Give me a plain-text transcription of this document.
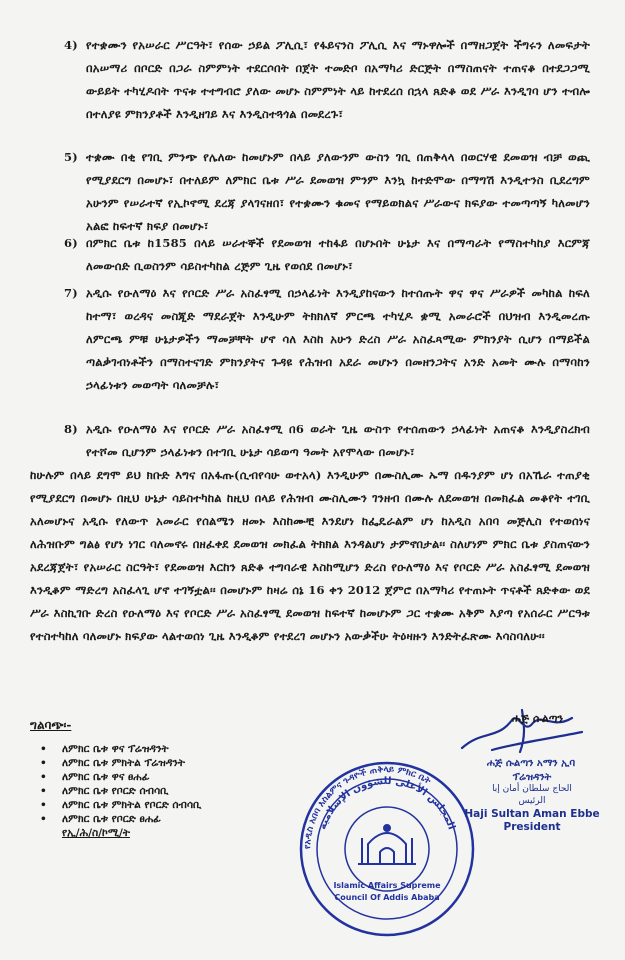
4) የተቋሙን የአሠራር ሥርዓት፣ የሰው ኃይል ፖሊሲ፣ የፋይናንስ ፖሊሲ እና ማኑዋሎች በማዘጋጀት ችግሩን ለመፍታት በአሠማሪ በቦርድ በጋራ ስምምነት ተደርሶበት በጀት ተመድቦ በአማካሪ ድርጅት በማስጠናት ተጠናቆ በተደጋጋሚ ውይይት ተካሂዶበት ጥናቱ ተተግብሮ ያለው መሆኑ ስምምነት ላይ ከተደረሰ በኋላ ጸድቆ ወደ ሥራ እንዲገባ ሆን ተብሎ በተለያዩ ምክንያቶች እንዲዘገይ እና እንዲስተጓጎል በመደረጉ፣
5) ተቋሙ በቂ የገቢ ምንጭ የሌለው ከመሆኑም በላይ ያለውንም ውስን ገቢ በጠቅላላ በወርሃዊ ደመወዝ ብቻ ወጪ የሚያደርግ በመሆኑ፣ በተለይም ለምክር ቤቱ ሥራ ደመወዝ ምንም እንኳ ከተድሞው በማግሽ እንዲተንስ ቢደረግም አሁንም የሠራተኛ የኢኮኖሚ ደረጃ ያላገናዘበ፣ የተቋሙን ቁመና የማይወክልና ሥራውና ክፍያው ተመጣጣኝ ካለመሆን አልፎ ከፍተኛ ክፍያ በመሆኑ፣
6) በምክር ቤቱ ከ1585 በላይ ሠራተኞች የደመወዝ ተከፋይ በሆኑበት ሁኔታ እና በማጣራት የማስተካከያ እርምጃ ለመውሰድ ቢወስንም ሳይስተካከል ረጅም ጊዜ የወሰደ በመሆኑ፣
7) አዲሱ የዑለማዕ እና የቦርድ ሥራ አስፈፃሚ በኃላፊነት እንዲያከናውን ከተሰጡት ዋና ዋና ሥራዎች መካከል ከፍለ ከተማ፣ ወረዳና መስጂድ ማደራጀት እንዲሁም ትክክለኛ ምርጫ ተካሂዶ ቋሚ አመራሮች በህዝብ እንዲመረጡ ለምርጫ ምቹ ሁኔታዎችን ማመቻቸት ሆኖ ሳለ እስከ አሁን ድረስ ሥራ አስፈጻሚው ምክንያት ሲሆን በማይችል ጣልቃገብነቶችን በማስተናገድ ምክንያትና ጉዳዩ የሕዝብ አደራ መሆኑን በመዘንጋትና አንድ አመት ሙሉ በማባከን ኃላፊነቱን መወጣት ባለመቻሉ፣
8) አዲሱ የዑለማዕ እና የቦርድ ሥራ አስፈፃሚ በ6 ወራት ጊዜ ውስጥ የተሰጠውን ኃላፊነት አጠናቆ እንዲያስረክብ የተሾመ ቢሆንም ኃላፊነቱን በተገቢ ሁኔታ ሳይወጣ ዓመት አየሞላው በመሆኑ፣
ከሁሉም በላይ ደግሞ ይህ ክቡድ እግና በአፋጡ(ሲብየሳሁ ወተአላ) እንዲሁም በሙስሊሙ ኡማ በዱንያም ሆነ በአኼራ ተጠያቂ የሚያደርግ በመሆኑ በዚህ ሁኔታ ሳይስተካከል ከዚህ በላይ የሕዝብ ሙስሊሙን ገንዘብ በሙሉ ለደመወዝ በመክፈል መቆየት ተገቢ አለመሆኑና አዲሱ የለውጥ አመራር የሰልሜን ዘመኑ እስከሙቺ እንደሆነ ከፌዴራልም ሆነ ከአዲስ አበባ መጅሊስ የተወሰነና ለሕዝቡም ግልፅ የሆነ ነገር ባለመኖሩ በዘፈቀደ ደመወዝ መክፈል ትክክል እንዳልሆነ ታምኖበታል፡፡ ስለሆነም ምክር ቤቱ ያስጠናውን አደረጃጀት፣ የአሠራር ስርዓት፣ የደመወዝ እርከን ጸድቆ ተግባራዊ እስከሚሆን ድረስ የዑለማዕ እና የቦርድ ሥራ አስፈፃሚ ደመወዝ እንዲቆም ማድረግ አስፈላጊ ሆኖ ተገኝቷል፡፡ በመሆኑም ከዛሬ ሰኔ 16 ቀን 2012 ጀምሮ በአማካሪ የተጠኑት ጥናቶች ጸድቀው ወደ ሥራ እስኪገቡ ድረስ የዑለማዕ እና የቦርድ ሥራ አስፈፃሚ ደመወዝ ከፍተኛ ከመሆኑም ጋር ተቋሙ አቅም እያጣ የአሰራር ሥርዓቱ የተስተካከለ ባለመሆኑ ክፍያው ላልተወሰነ ጊዜ እንዲቆም የተደረገ መሆኑን አውቃችሁ ትዕዛዙን እንድትፈጽሙ እሳስባለሁ፡፡
ግልባጭ፡-
• ለምክር ቤቱ ዋና ፕሬዝዳንት
• ለምክር ቤቱ ምክትል ፕሬዝዳንት
• ለምክር ቤቱ ዋና ፀሐፊ
• ለምክር ቤቱ የቦርድ ሰብሳቢ
• ለምክር ቤቱ ምክትል የቦርድ ሰብሳቢ
• ለምክር ቤቱ የቦርድ ፀሐፊ
የኢ/ሕ/ስ/ኮሚ/ት
የአዲስ አበባ እስልምና ጉዳዮች ጠቅላይ ምክር ቤት
المجلس الأعلى للشؤون الإسلامية
Islamic Affairs Supreme
Council Of Addis Ababa
ሐጅ ሱልጣን
ሐጅ ሱልጣን አማን ኢባ
ፕሬዝዳንት
الحاج سلطان أمان إبا
الرئيس
Haji Sultan Aman Ebbe
President
